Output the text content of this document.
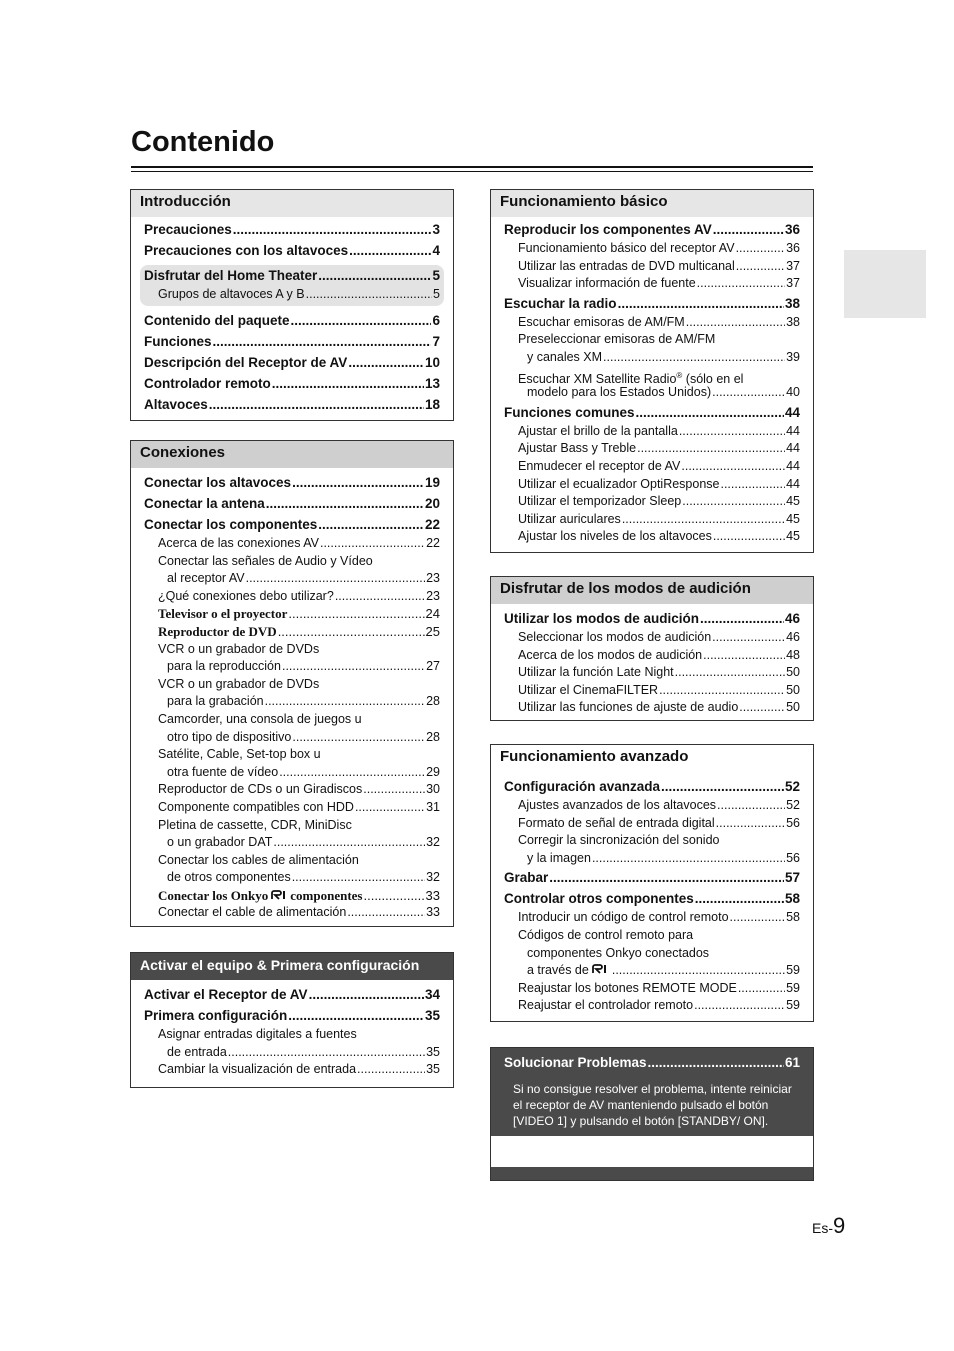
Contenido
Introducción
Precauciones .....	3
Precauciones con los altavoces .....	4
Disfrutar del Home Theater .....	5
Grupos de altavoces A y B .....	5
Contenido del paquete .....	6
Funciones .....	7
Descripción del Receptor de AV .....	10
Controlador remoto .....	13
Altavoces .....	18
Conexiones
Conectar los altavoces .....	19
Conectar la antena .....	20
Conectar los componentes .....	22
Acerca de las conexiones AV .....	22
Conectar las señales de Audio y Vídeo
al receptor AV .....	23
¿Qué conexiones debo utilizar? .....	23
Televisor o el proyector .....	24
Reproductor de DVD .....	25
VCR o un grabador de DVDs
para la reproducción .....	27
VCR o un grabador de DVDs
para la grabación .....	28
Camcorder, una consola de juegos u
otro tipo de dispositivo .....	28
Satélite, Cable, Set-top box u
otra fuente de vídeo .....	29
Reproductor de CDs o un Giradiscos .....	30
Componente compatibles con HDD .....	31
Pletina de cassette, CDR, MiniDisc
o un grabador DAT .....	32
Conectar los cables de alimentación
de otros componentes .....	32
Conectar los Onkyo componentes .....	33
Conectar el cable de alimentación .....	33
Activar el equipo & Primera configuración
Activar el Receptor de AV .....	34
Primera configuración .....	35
Asignar entradas digitales a fuentes
de entrada .....	35
Cambiar la visualización de entrada .....	35
Funcionamiento básico
Reproducir los componentes AV .....	36
Funcionamiento básico del receptor AV .....	36
Utilizar las entradas de DVD multicanal .....	37
Visualizar información de fuente .....	37
Escuchar la radio .....	38
Escuchar emisoras de AM/FM .....	38
Preseleccionar emisoras de AM/FM
y canales XM .....	39
Escuchar XM Satellite Radio® (sólo en el
modelo para los Estados Unidos) .....	40
Funciones comunes .....	44
Ajustar el brillo de la pantalla .....	44
Ajustar Bass y Treble .....	44
Enmudecer el receptor de AV .....	44
Utilizar el ecualizador OptiResponse .....	44
Utilizar el temporizador Sleep .....	45
Utilizar auriculares .....	45
Ajustar los niveles de los altavoces .....	45
Disfrutar de los modos de audición
Utilizar los modos de audición .....	46
Seleccionar los modos de audición .....	46
Acerca de los modos de audición .....	48
Utilizar la función Late Night .....	50
Utilizar el CinemaFILTER .....	50
Utilizar las funciones de ajuste de audio .....	50
Funcionamiento avanzado
Configuración avanzada .....	52
Ajustes avanzados de los altavoces .....	52
Formato de señal de entrada digital .....	56
Corregir la sincronización del sonido
y la imagen .....	56
Grabar .....	57
Controlar otros componentes .....	58
Introducir un código de control remoto .....	58
Códigos de control remoto para
componentes Onkyo conectados
a través de .....	59
Reajustar los botones REMOTE MODE .....	59
Reajustar el controlador remoto .....	59
Solucionar Problemas .....	61
Si no consigue resolver el problema, intente reiniciar el receptor de AV manteniendo pulsado el botón [VIDEO 1] y pulsando el botón [STANDBY/ ON].
Especificaciones .....	65
Es-9
